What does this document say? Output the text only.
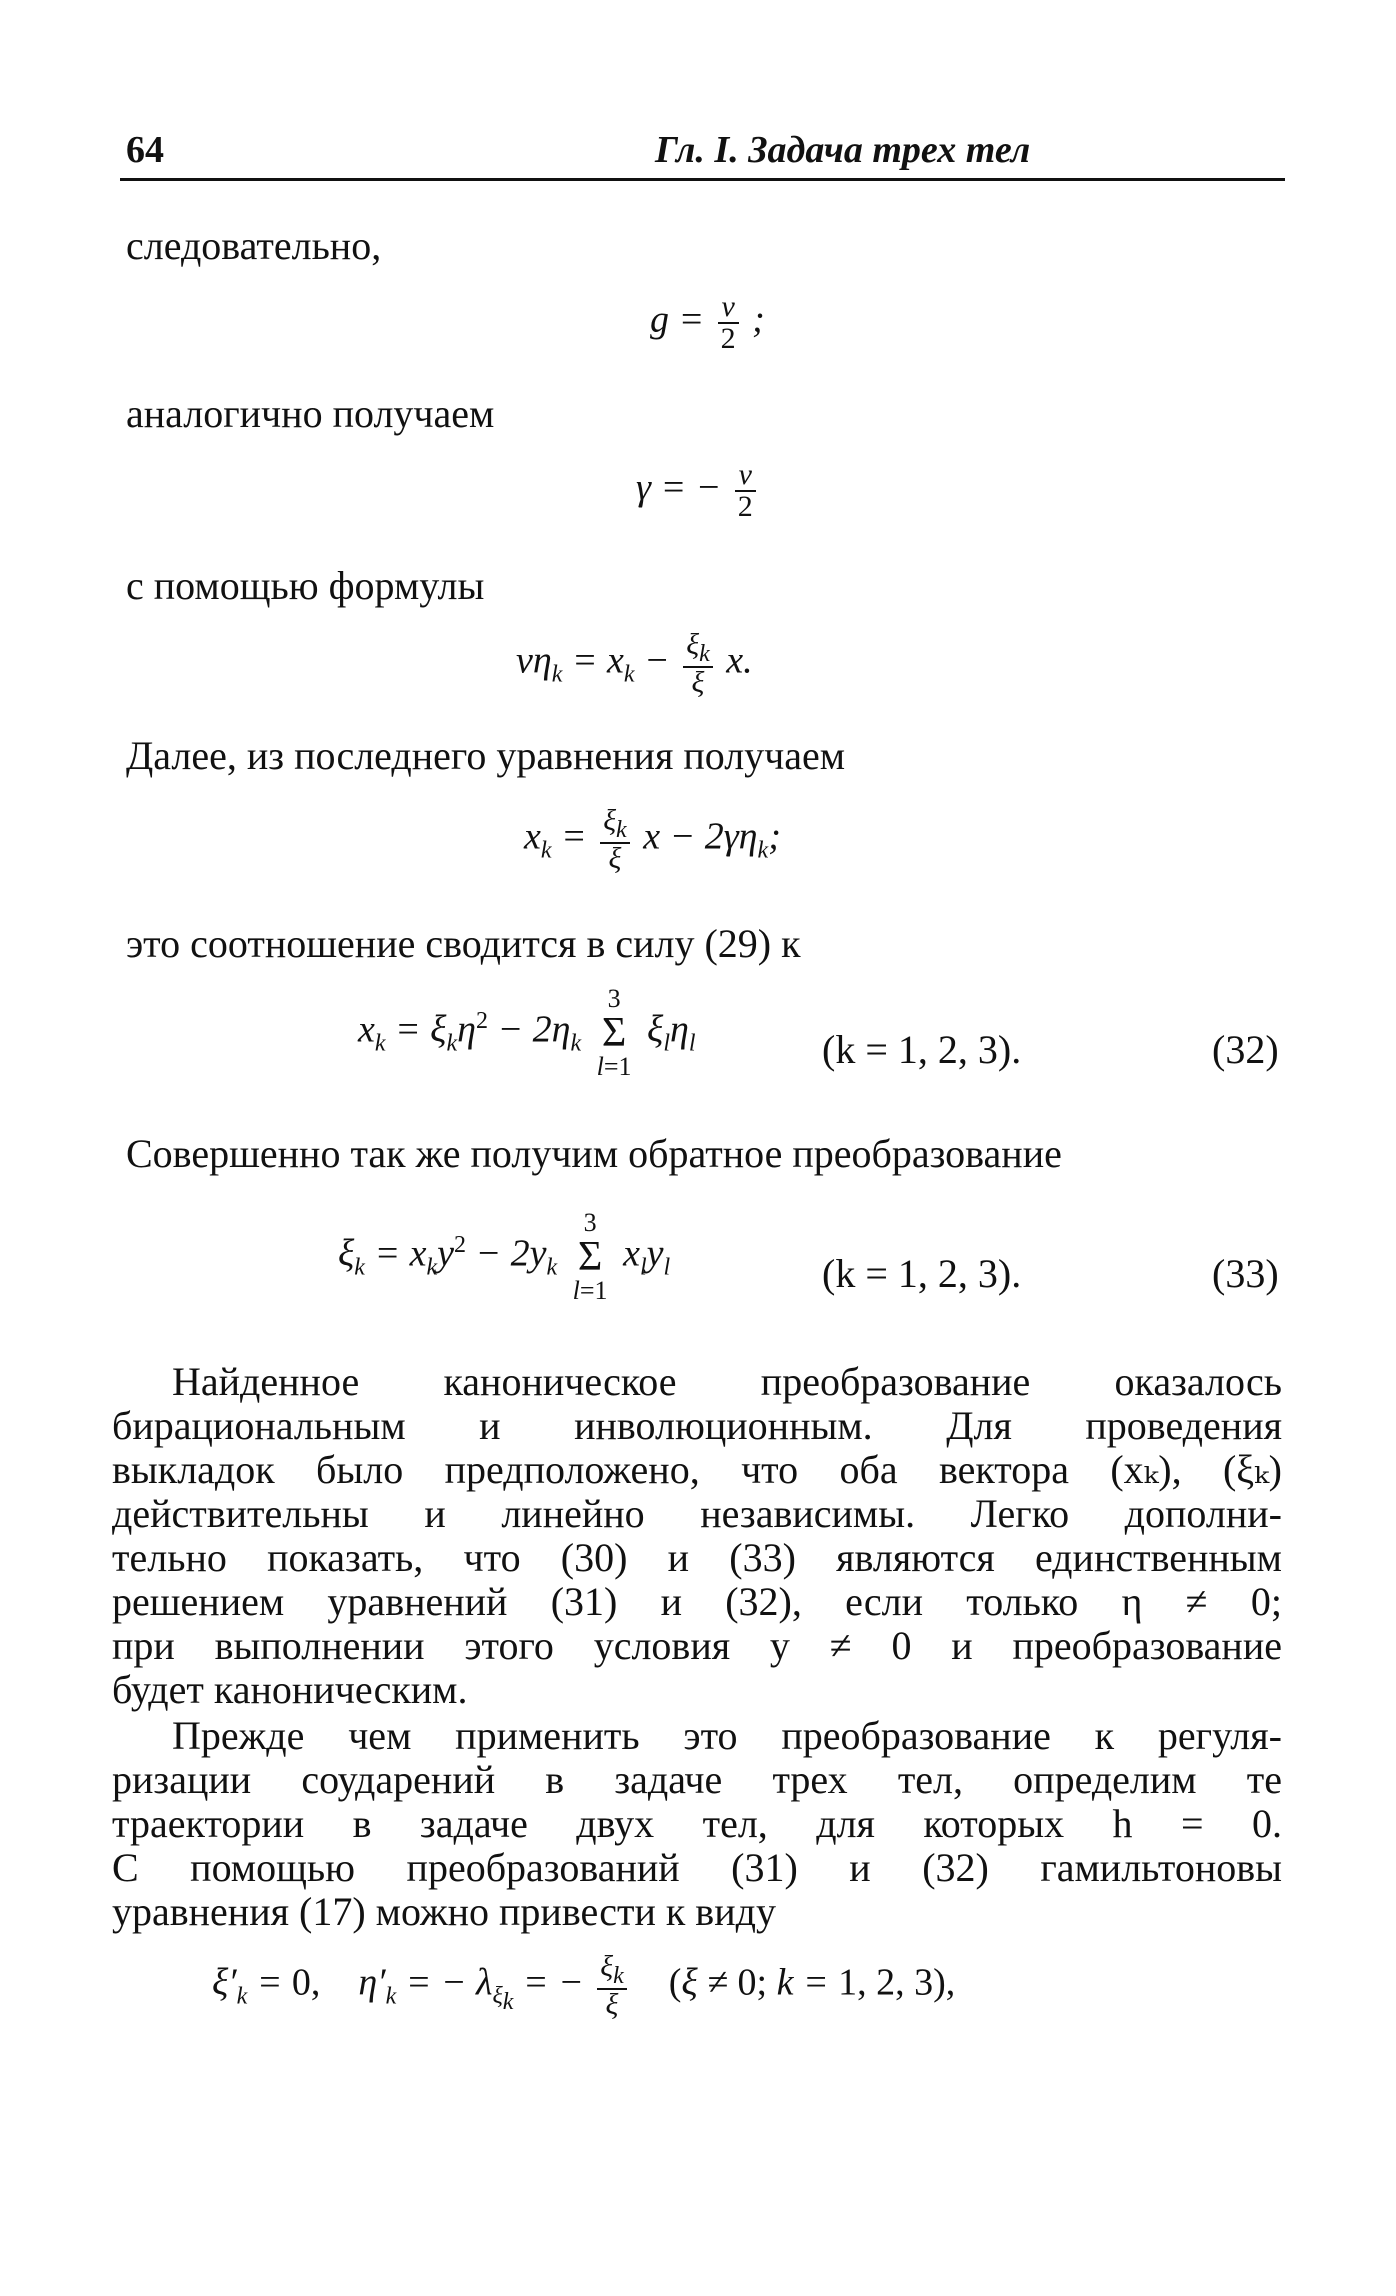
64	Гл. I. Задача трех тел
следовательно,
$g = \frac{v}{2}$ ;
аналогично получаем
γ = − $\frac{v}{2}$
с помощью формулы
$v\eta_k = x_k - \frac{\xi_k}{\xi} x$.
Далее, из последнего уравнения получаем
$x_k = \frac{\xi_k}{\xi}$ $x - 2\gamma\eta_k$;
это соотношение сводится в силу (29) к
$x_k = \xi_k\eta^2 - 2\eta_k$
3
Σ
l=1
$\xi_l\eta_l$	(k = 1, 2, 3).	(32)
Совершенно так же получим обратное преобразование
$\xi_k = x_ky^2 - 2y_k$
3
Σ
l=1
$x_ly_l$	(k = 1, 2, 3).	(33)
Найденное каноническое преобразование оказалось
бирациональным и инволюционным. Для проведения
выкладок было предположено, что оба вектора (xₖ), (ξₖ)
действительны и линейно независимы. Легко дополни-
тельно показать, что (30) и (33) являются единственным
решением уравнений (31) и (32), если только η ≠ 0;
при выполнении этого условия y ≠ 0 и преобразование
будет каноническим.
Прежде чем применить это преобразование к регуля-
ризации соударений в задаче трех тел, определим те
траектории в задаче двух тел, для которых h = 0.
С помощью преобразований (31) и (32) гамильтоновы
уравнения (17) можно привести к виду
$\xi'_k = 0$,    $\eta'_k$ = − $\lambda_{\xi_k}$ = − $\frac{\xi_k}{\xi} (\xi \ne 0$; k = 1, 2, 3),
